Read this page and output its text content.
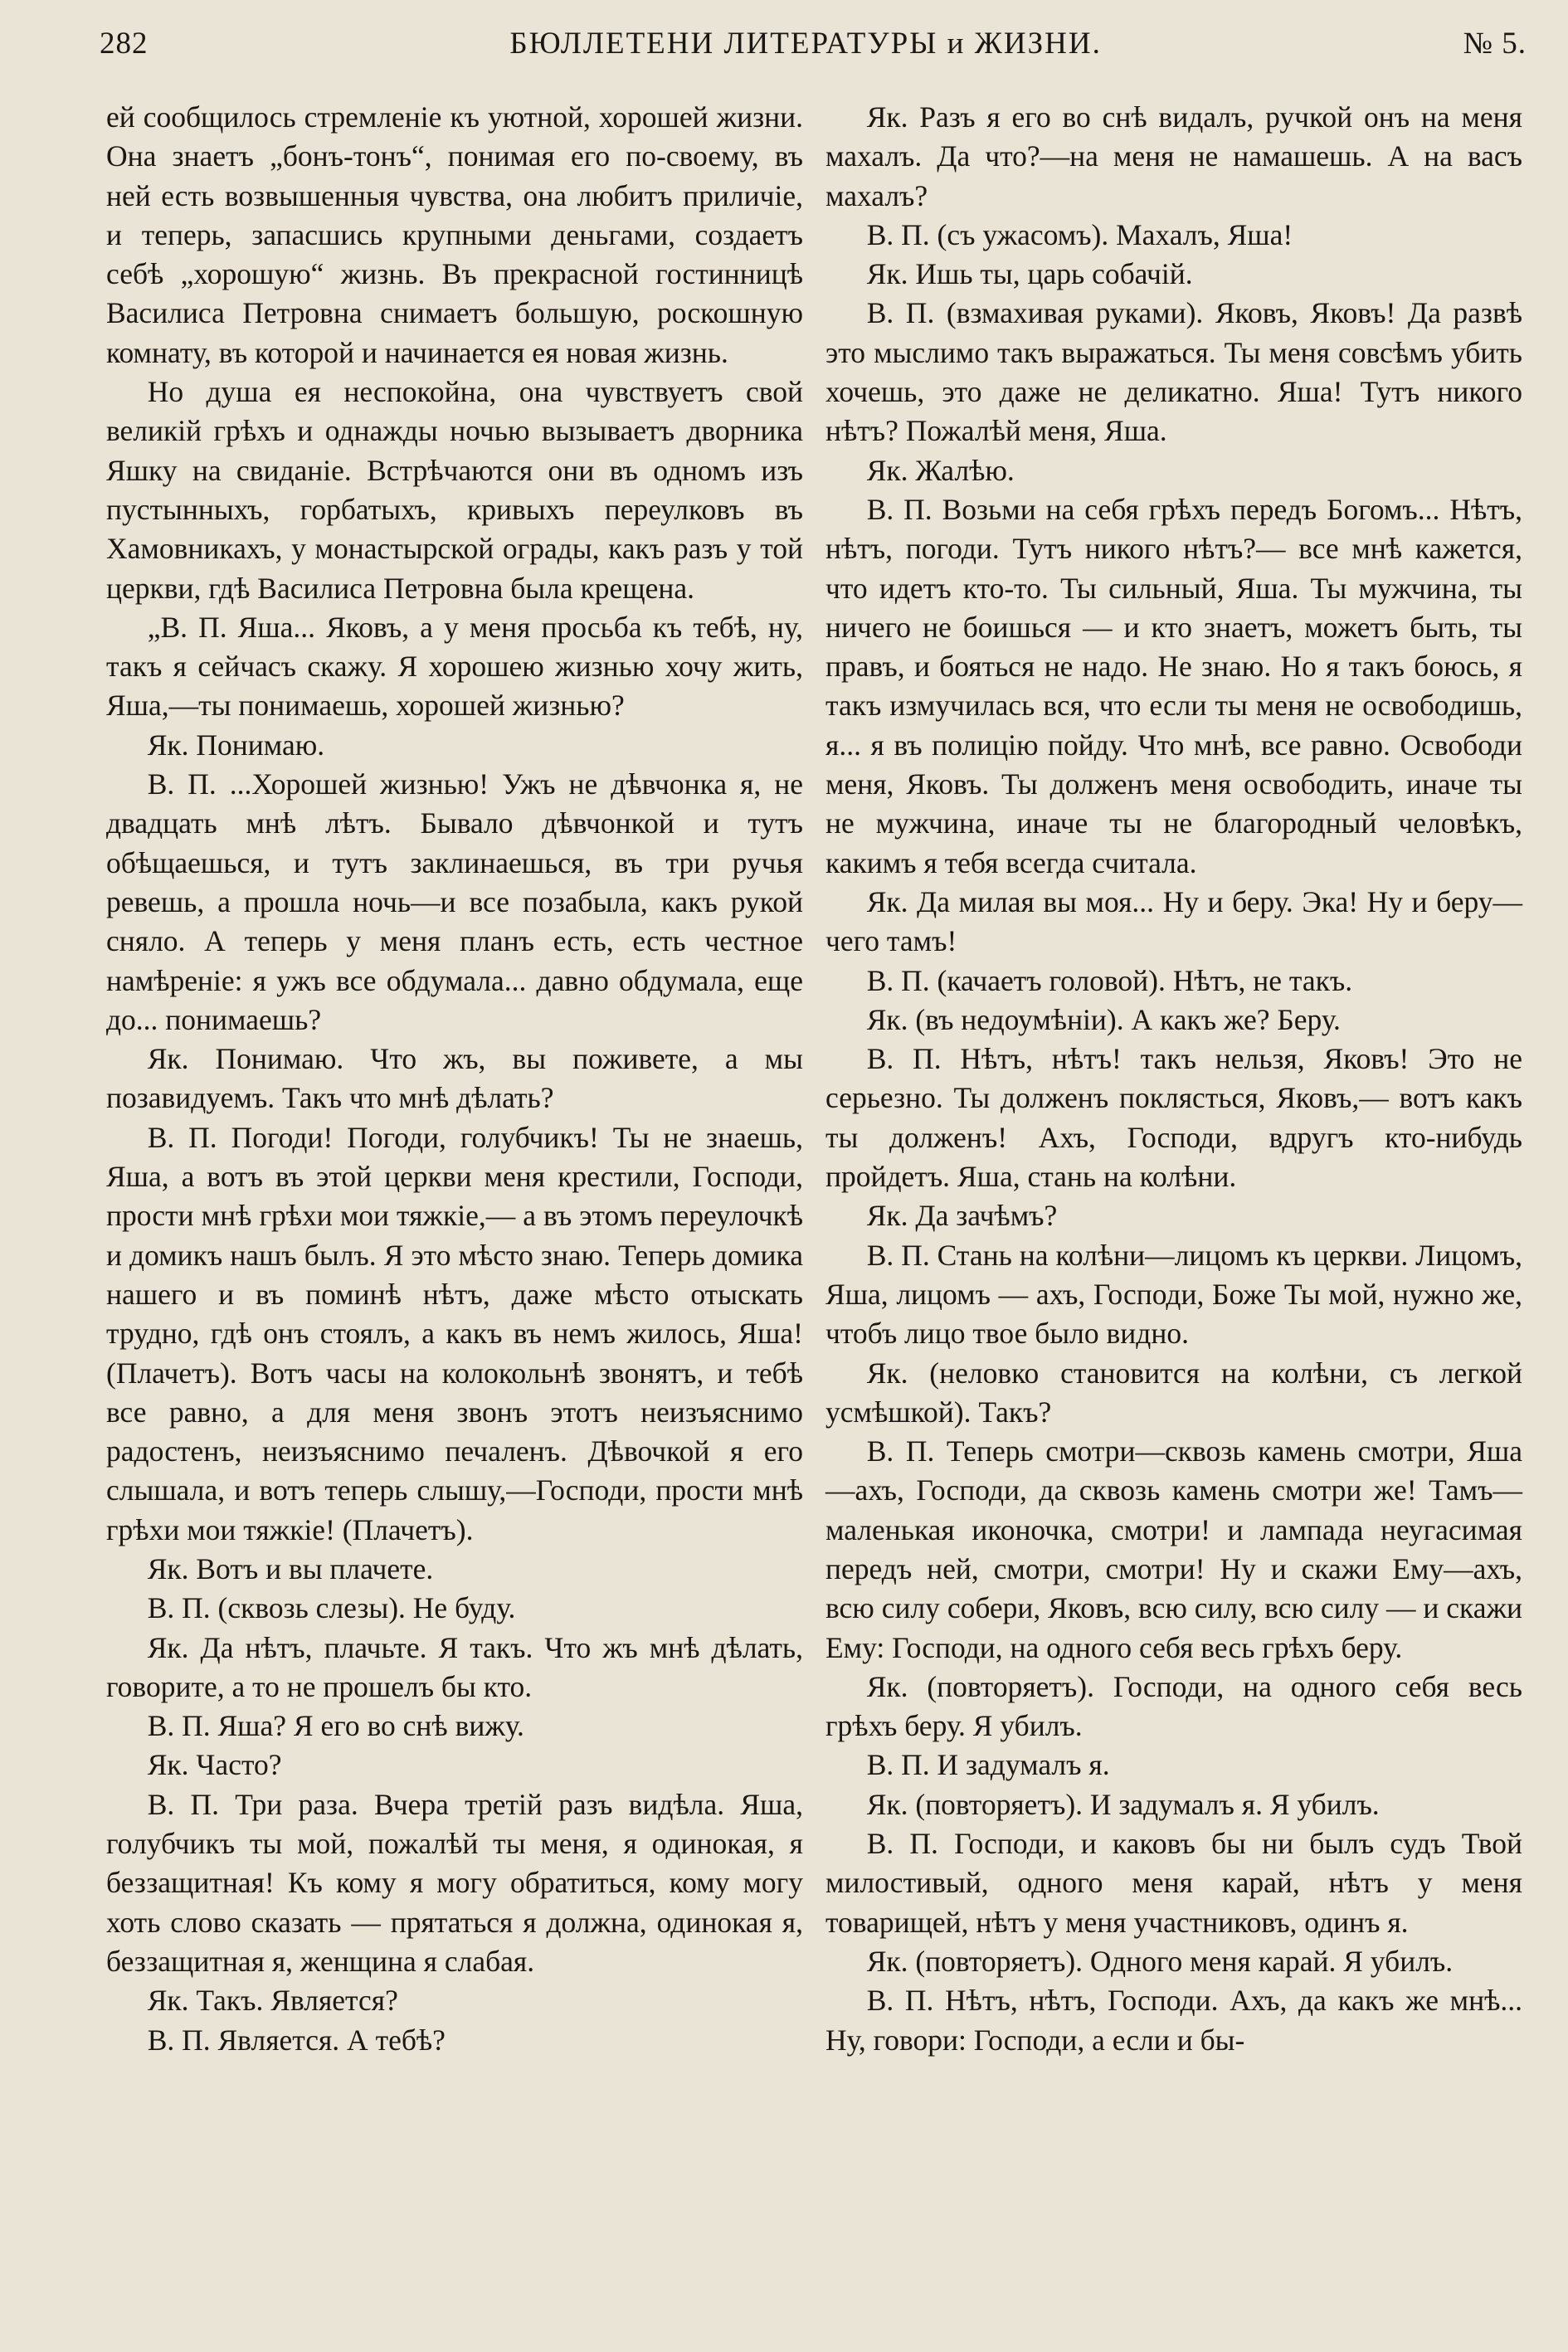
282	БЮЛЛЕТЕНИ ЛИТЕРАТУРЫ и ЖИЗНИ.	№ 5.

ей сообщилось стремленіе къ уютной, хорошей жизни. Она знаетъ „бонъ-тонъ“, понимая его по-своему, въ ней есть возвышенныя чувства, она любитъ приличіе, и теперь, запасшись крупными деньгами, создаетъ себѣ „хорошую“ жизнь. Въ прекрасной гостинницѣ Василиса Петровна снимаетъ большую, роскошную комнату, въ которой и начинается ея новая жизнь.

Но душа ея неспокойна, она чувствуетъ свой великій грѣхъ и однажды ночью вызываетъ дворника Яшку на свиданіе. Встрѣчаются они въ одномъ изъ пустынныхъ, горбатыхъ, кривыхъ переулковъ въ Хамовникахъ, у монастырской ограды, какъ разъ у той церкви, гдѣ Василиса Петровна была крещена.

„В. П. Яша... Яковъ, а у меня просьба къ тебѣ, ну, такъ я сейчасъ скажу. Я хорошею жизнью хочу жить, Яша,—ты понимаешь, хорошей жизнью?

Як. Понимаю.

В. П. ...Хорошей жизнью! Ужъ не дѣвчонка я, не двадцать мнѣ лѣтъ. Бывало дѣвчонкой и тутъ обѣщаешься, и тутъ заклинаешься, въ три ручья ревешь, а прошла ночь—и все позабыла, какъ рукой сняло. А теперь у меня планъ есть, есть честное намѣреніе: я ужъ все обдумала... давно обдумала, еще до... понимаешь?

Як. Понимаю. Что жъ, вы поживете, а мы позавидуемъ. Такъ что мнѣ дѣлать?

В. П. Погоди! Погоди, голубчикъ! Ты не знаешь, Яша, а вотъ въ этой церкви меня крестили, Господи, прости мнѣ грѣхи мои тяжкіе,— а въ этомъ переулочкѣ и домикъ нашъ былъ. Я это мѣсто знаю. Теперь домика нашего и въ поминѣ нѣтъ, даже мѣсто отыскать трудно, гдѣ онъ стоялъ, а какъ въ немъ жилось, Яша! (Плачетъ). Вотъ часы на колокольнѣ звонятъ, и тебѣ все равно, а для меня звонъ этотъ неизъяснимо радостенъ, неизъяснимо печаленъ. Дѣвочкой я его слышала, и вотъ теперь слышу,—Господи, прости мнѣ грѣхи мои тяжкіе! (Плачетъ).

Як. Вотъ и вы плачете.

В. П. (сквозь слезы). Не буду.

Як. Да нѣтъ, плачьте. Я такъ. Что жъ мнѣ дѣлать, говорите, а то не прошелъ бы кто.

В. П. Яша? Я его во снѣ вижу.

Як. Часто?

В. П. Три раза. Вчера третій разъ видѣла. Яша, голубчикъ ты мой, пожалѣй ты меня, я одинокая, я беззащитная! Къ кому я могу обратиться, кому могу хоть слово сказать — прятаться я должна, одинокая я, беззащитная я, женщина я слабая.

Як. Такъ. Является?

В. П. Является. А тебѣ?

Як. Разъ я его во снѣ видалъ, ручкой онъ на меня махалъ. Да что?—на меня не намашешь. А на васъ махалъ?

В. П. (съ ужасомъ). Махалъ, Яша!

Як. Ишь ты, царь собачій.

В. П. (взмахивая руками). Яковъ, Яковъ! Да развѣ это мыслимо такъ выражаться. Ты меня совсѣмъ убить хочешь, это даже не деликатно. Яша! Тутъ никого нѣтъ? Пожалѣй меня, Яша.

Як. Жалѣю.

В. П. Возьми на себя грѣхъ передъ Богомъ... Нѣтъ, нѣтъ, погоди. Тутъ никого нѣтъ?— все мнѣ кажется, что идетъ кто-то. Ты сильный, Яша. Ты мужчина, ты ничего не боишься — и кто знаетъ, можетъ быть, ты правъ, и бояться не надо. Не знаю. Но я такъ боюсь, я такъ измучилась вся, что если ты меня не освободишь, я... я въ полицію пойду. Что мнѣ, все равно. Освободи меня, Яковъ. Ты долженъ меня освободить, иначе ты не мужчина, иначе ты не благородный человѣкъ, какимъ я тебя всегда считала.

Як. Да милая вы моя... Ну и беру. Эка! Ну и беру—чего тамъ!

В. П. (качаетъ головой). Нѣтъ, не такъ.

Як. (въ недоумѣніи). А какъ же? Беру.

В. П. Нѣтъ, нѣтъ! такъ нельзя, Яковъ! Это не серьезно. Ты долженъ поклясться, Яковъ,— вотъ какъ ты долженъ! Ахъ, Господи, вдругъ кто-нибудь пройдетъ. Яша, стань на колѣни.

Як. Да зачѣмъ?

В. П. Стань на колѣни—лицомъ къ церкви. Лицомъ, Яша, лицомъ — ахъ, Господи, Боже Ты мой, нужно же, чтобъ лицо твое было видно.

Як. (неловко становится на колѣни, съ легкой усмѣшкой). Такъ?

В. П. Теперь смотри—сквозь камень смотри, Яша—ахъ, Господи, да сквозь камень смотри же! Тамъ—маленькая иконочка, смотри! и лампада неугасимая передъ ней, смотри, смотри! Ну и скажи Ему—ахъ, всю силу собери, Яковъ, всю силу, всю силу — и скажи Ему: Господи, на одного себя весь грѣхъ беру.

Як. (повторяетъ). Господи, на одного себя весь грѣхъ беру. Я убилъ.

В. П. И задумалъ я.

Як. (повторяетъ). И задумалъ я. Я убилъ.

В. П. Господи, и каковъ бы ни былъ судъ Твой милостивый, одного меня карай, нѣтъ у меня товарищей, нѣтъ у меня участниковъ, одинъ я.

Як. (повторяетъ). Одного меня карай. Я убилъ.

В. П. Нѣтъ, нѣтъ, Господи. Ахъ, да какъ же мнѣ... Ну, говори: Господи, а если и бы-
